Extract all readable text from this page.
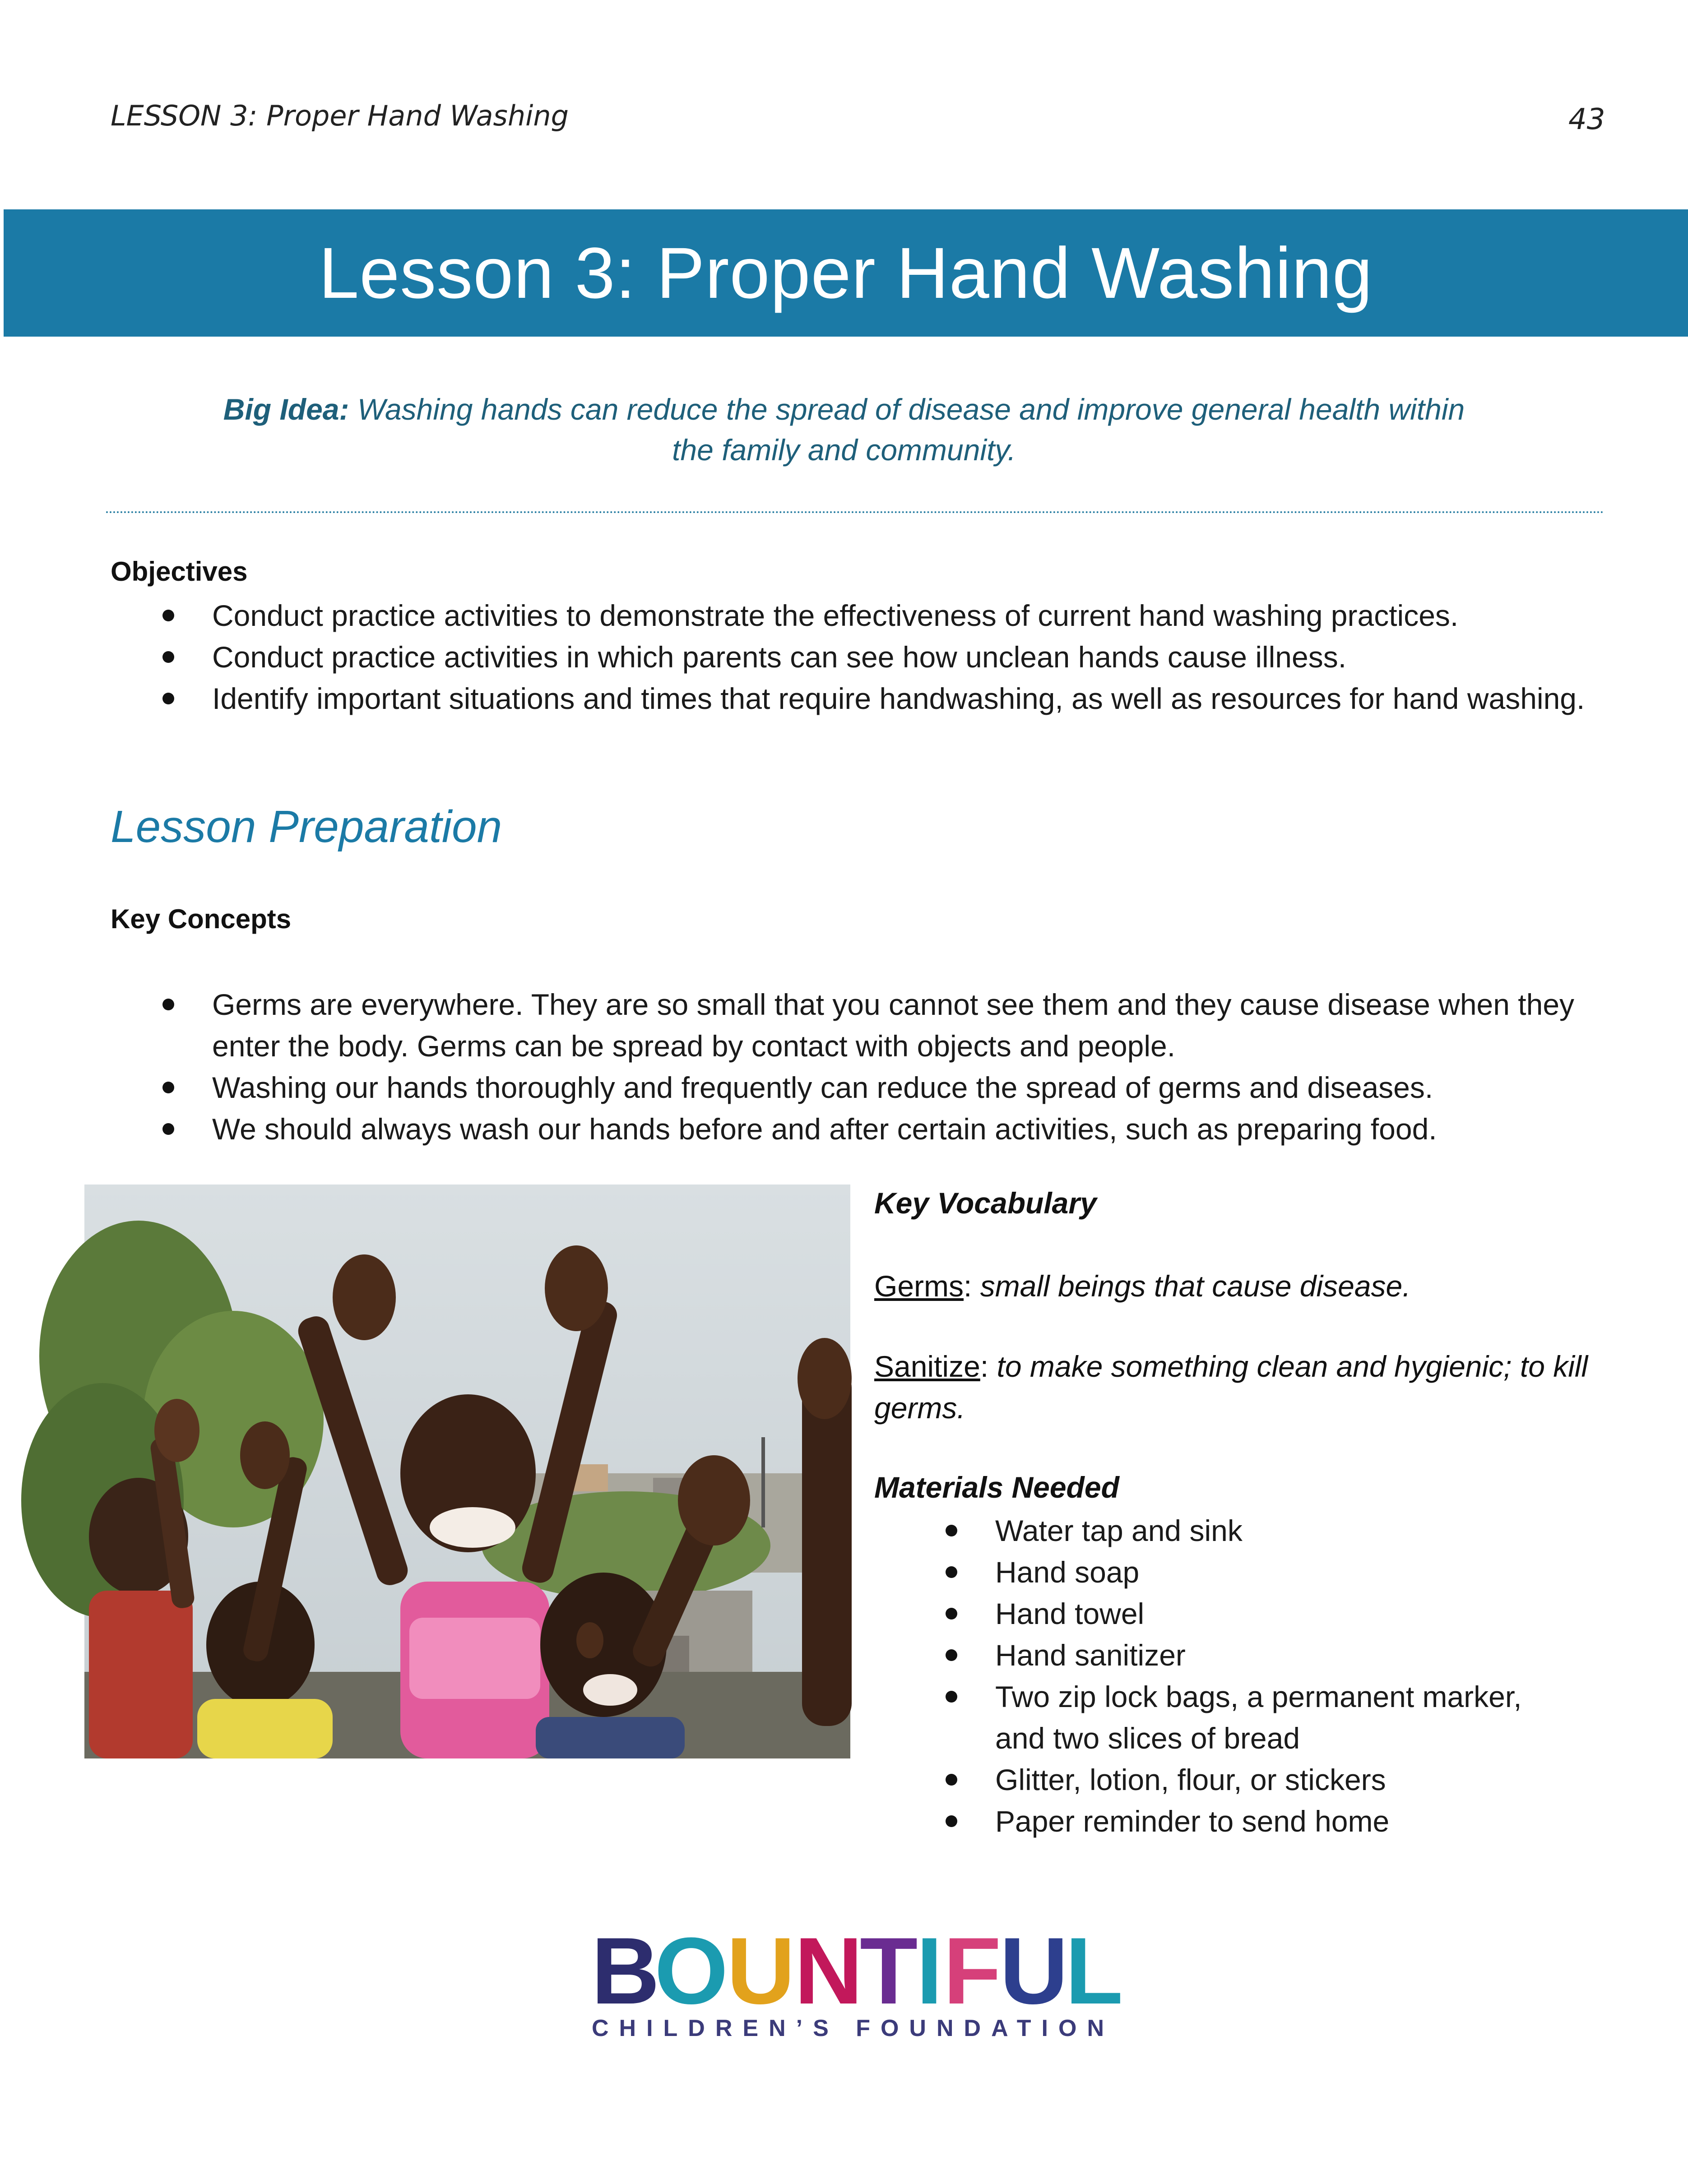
LESSON 3: Proper Hand Washing	43
Lesson 3: Proper Hand Washing
Big Idea: Washing hands can reduce the spread of disease and improve general health within
the family and community.
Objectives
Conduct practice activities to demonstrate the effectiveness of current hand washing practices.
Conduct practice activities in which parents can see how unclean hands cause illness.
Identify important situations and times that require handwashing, as well as resources for hand washing.
Lesson Preparation
Key Concepts
Germs are everywhere. They are so small that you cannot see them and they cause disease when they enter the body. Germs can be spread by contact with objects and people.
Washing our hands thoroughly and frequently can reduce the spread of germs and diseases.
We should always wash our hands before and after certain activities, such as preparing food.
Key Vocabulary
Germs: small beings that cause disease.
Sanitize: to make something clean and hygienic; to kill germs.
Materials Needed
Water tap and sink
Hand soap
Hand towel
Hand sanitizer
Two zip lock bags, a permanent marker, and two slices of bread
Glitter, lotion, flour, or stickers
Paper reminder to send home
B
O
U
N
T
I F
U
L
CHILDREN’S FOUNDATION
